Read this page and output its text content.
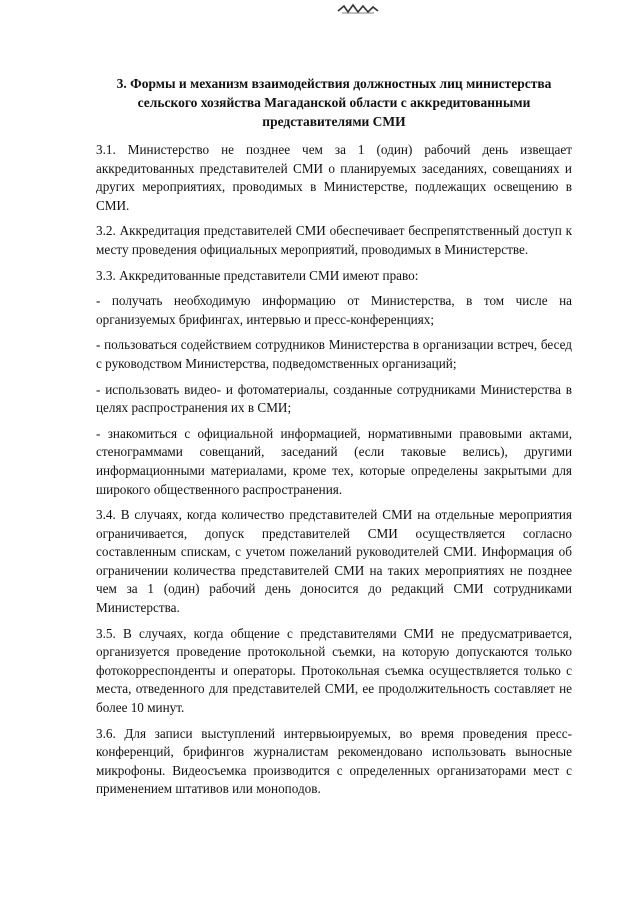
3. Формы и механизм взаимодействия должностных лиц министерства
сельского хозяйства Магаданской области с аккредитованными
представителями СМИ

3.1. Министерство не позднее чем за 1 (один) рабочий день извещает аккредитованных представителей СМИ о планируемых заседаниях, совещаниях и других мероприятиях, проводимых в Министерстве, подлежащих освещению в СМИ.

3.2. Аккредитация представителей СМИ обеспечивает беспрепятственный доступ к месту проведения официальных мероприятий, проводимых в Министерстве.

3.3. Аккредитованные представители СМИ имеют право:

- получать необходимую информацию от Министерства, в том числе на организуемых брифингах, интервью и пресс-конференциях;

- пользоваться содействием сотрудников Министерства в организации встреч, бесед с руководством Министерства, подведомственных организаций;

- использовать видео- и фотоматериалы, созданные сотрудниками Министерства в целях распространения их в СМИ;

- знакомиться с официальной информацией, нормативными правовыми актами, стенограммами совещаний, заседаний (если таковые велись), другими информационными материалами, кроме тех, которые определены закрытыми для широкого общественного распространения.

3.4. В случаях, когда количество представителей СМИ на отдельные мероприятия ограничивается, допуск представителей СМИ осуществляется согласно составленным спискам, с учетом пожеланий руководителей СМИ. Информация об ограничении количества представителей СМИ на таких мероприятиях не позднее чем за 1 (один) рабочий день доносится до редакций СМИ сотрудниками Министерства.

3.5. В случаях, когда общение с представителями СМИ не предусматривается, организуется проведение протокольной съемки, на которую допускаются только фотокорреспонденты и операторы. Протокольная съемка осуществляется только с места, отведенного для представителей СМИ, ее продолжительность составляет не более 10 минут.

3.6. Для записи выступлений интервьюируемых, во время проведения пресс-конференций, брифингов журналистам рекомендовано использовать выносные микрофоны. Видеосъемка производится с определенных организаторами мест с применением штативов или моноподов.
